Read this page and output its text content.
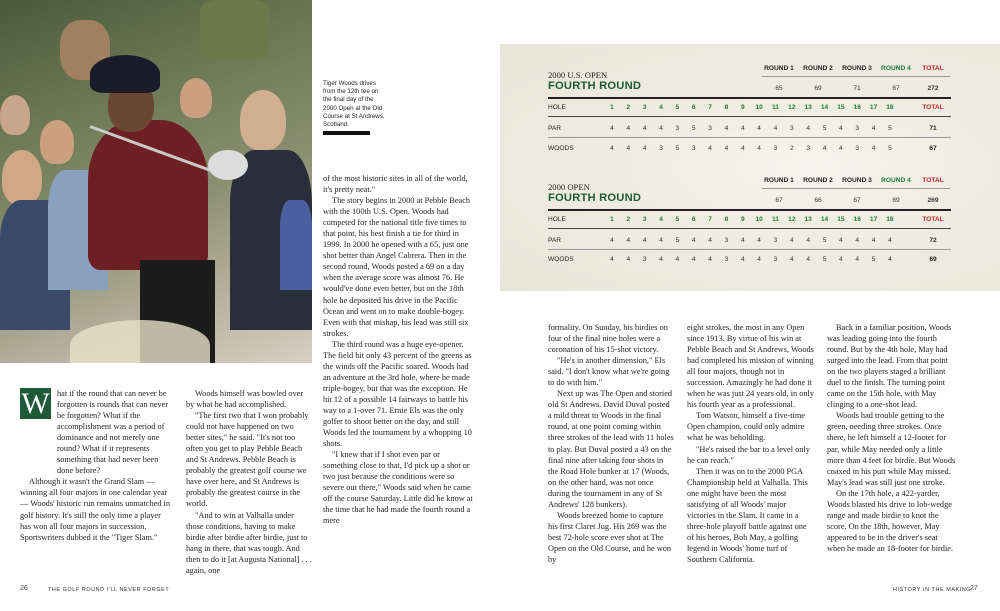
Tiger Woods drives from the 12th tee on the final day of the 2000 Open at the Old Course at St Andrews, Scotland.
W hat if the round that can never be forgotten is rounds that can never be forgotten? What if the accomplishment was a period of dominance and not merely one round? What if it represents something that had never been done before?

Although it wasn't the Grand Slam — winning all four majors in one calendar year — Woods' historic run remains unmatched in golf history. It's still the only time a player has won all four majors in succession. Sportswriters dubbed it the "Tiger Slam."

Woods himself was bowled over by what he had accomplished.

"The first two that I won probably could not have happened on two better sites," he said. "It's not too often you get to play Pebble Beach and St Andrews. Pebble Beach is probably the greatest golf course we have over here, and St Andrews is probably the greatest course in the world.

"And to win at Valhalla under those conditions, having to make birdie after birdie after birdie, just to hang in there, that was tough. And then to do it [at Augusta National] . . . again, one

of the most historic sites in all of the world, it's pretty neat."

The story begins in 2000 at Pebble Beach with the 100th U.S. Open. Woods had competed for the national title five times to that point, his best finish a tie for third in 1999. In 2000 he opened with a 65, just one shot better than Angel Cabrera. Then in the second round, Woods posted a 69 on a day when the average score was almost 76. He would've done even better, but on the 18th hole he deposited his drive in the Pacific Ocean and went on to make double-bogey. Even with that mishap, his lead was still six strokes.

The third round was a huge eye-opener. The field hit only 43 percent of the greens as the winds off the Pacific soared. Woods had an adventure at the 3rd hole, where he made triple-bogey, but that was the exception. He hit 12 of a possible 14 fairways to battle his way to a 1-over 71. Ernie Els was the only golfer to shoot better on the day, and still Woods led the tournament by a whopping 10 shots.

"I knew that if I shot even par or something close to that, I'd pick up a shot or two just because the conditions were so severe out there," Woods said when he came off the course Saturday. Little did he know at the time that he had made the fourth round a mere

formality. On Sunday, his birdies on four of the final nine holes were a coronation of his 15-shot victory.

"He's in another dimension," Els said. "I don't know what we're going to do with him."

Next up was The Open and storied old St Andrews. David Duval posted a mild threat to Woods in the final round, at one point coming within three strokes of the lead with 11 holes to play. But Duval posted a 43 on the final nine after taking four shots in the Road Hole bunker at 17 (Woods, on the other hand, was not once during the tournament in any of St Andrews' 128 bunkers).

Woods breezed home to capture his first Claret Jug. His 269 was the best 72-hole score ever shot at The Open on the Old Course, and he won by

eight strokes, the most in any Open since 1913. By virtue of his win at Pebble Beach and St Andrews, Woods had completed his mission of winning all four majors, though not in succession. Amazingly he had done it when he was just 24 years old, in only his fourth year as a professional.

Tom Watson, himself a five-time Open champion, could only admire what he was beholding.

"He's raised the bar to a level only he can reach."

Then it was on to the 2000 PGA Championship held at Valhalla. This one might have been the most satisfying of all Woods' major victories in the Slam. It came in a three-hole playoff battle against one of his heroes, Bob May, a golfing legend in Woods' home turf of Southern California.

Back in a familiar position, Woods was leading going into the fourth round. But by the 4th hole, May had surged into the lead. From that point on the two players staged a brilliant duel to the finish. The turning point came on the 15th hole, with May clinging to a one-shot lead.

Woods had trouble getting to the green, needing three strokes. Once there, he left himself a 12-footer for par, while May needed only a little more than 4 feet for birdie. But Woods coaxed in his putt while May missed. May's lead was still just one stroke.

On the 17th hole, a 422-yarder, Woods blasted his drive to lob-wedge range and made birdie to knot the score. On the 18th, however, May appeared to be in the driver's seat when he made an 18-footer for birdie.

2000 U.S. OPEN
FOURTH ROUND
ROUND 1	ROUND 2	ROUND 3	ROUND 4	TOTAL
65	69	71	67	272
HOLE	1	2	3	4	5	6	7	8	9	10	11	12	13	14	15	16	17	18	TOTAL
PAR	4	4	4	4	3	5	3	4	4	4	4	3	4	5	4	3	4	5	71
WOODS	4	4	4	3	5	3	4	4	4	4	3	2	3	4	4	3	4	5	67
2000 OPEN
FOURTH ROUND
ROUND 1	ROUND 2	ROUND 3	ROUND 4	TOTAL
67	66	67	69	269
HOLE	1	2	3	4	5	6	7	8	9	10	11	12	13	14	15	16	17	18	TOTAL
PAR	4	4	4	4	5	4	4	3	4	4	3	4	4	5	4	4	4	4	72
WOODS	4	4	3	4	4	4	4	3	4	4	3	4	4	5	4	4	5	4	69
26	THE GOLF ROUND I'LL NEVER FORGET	HISTORY IN THE MAKING
27
